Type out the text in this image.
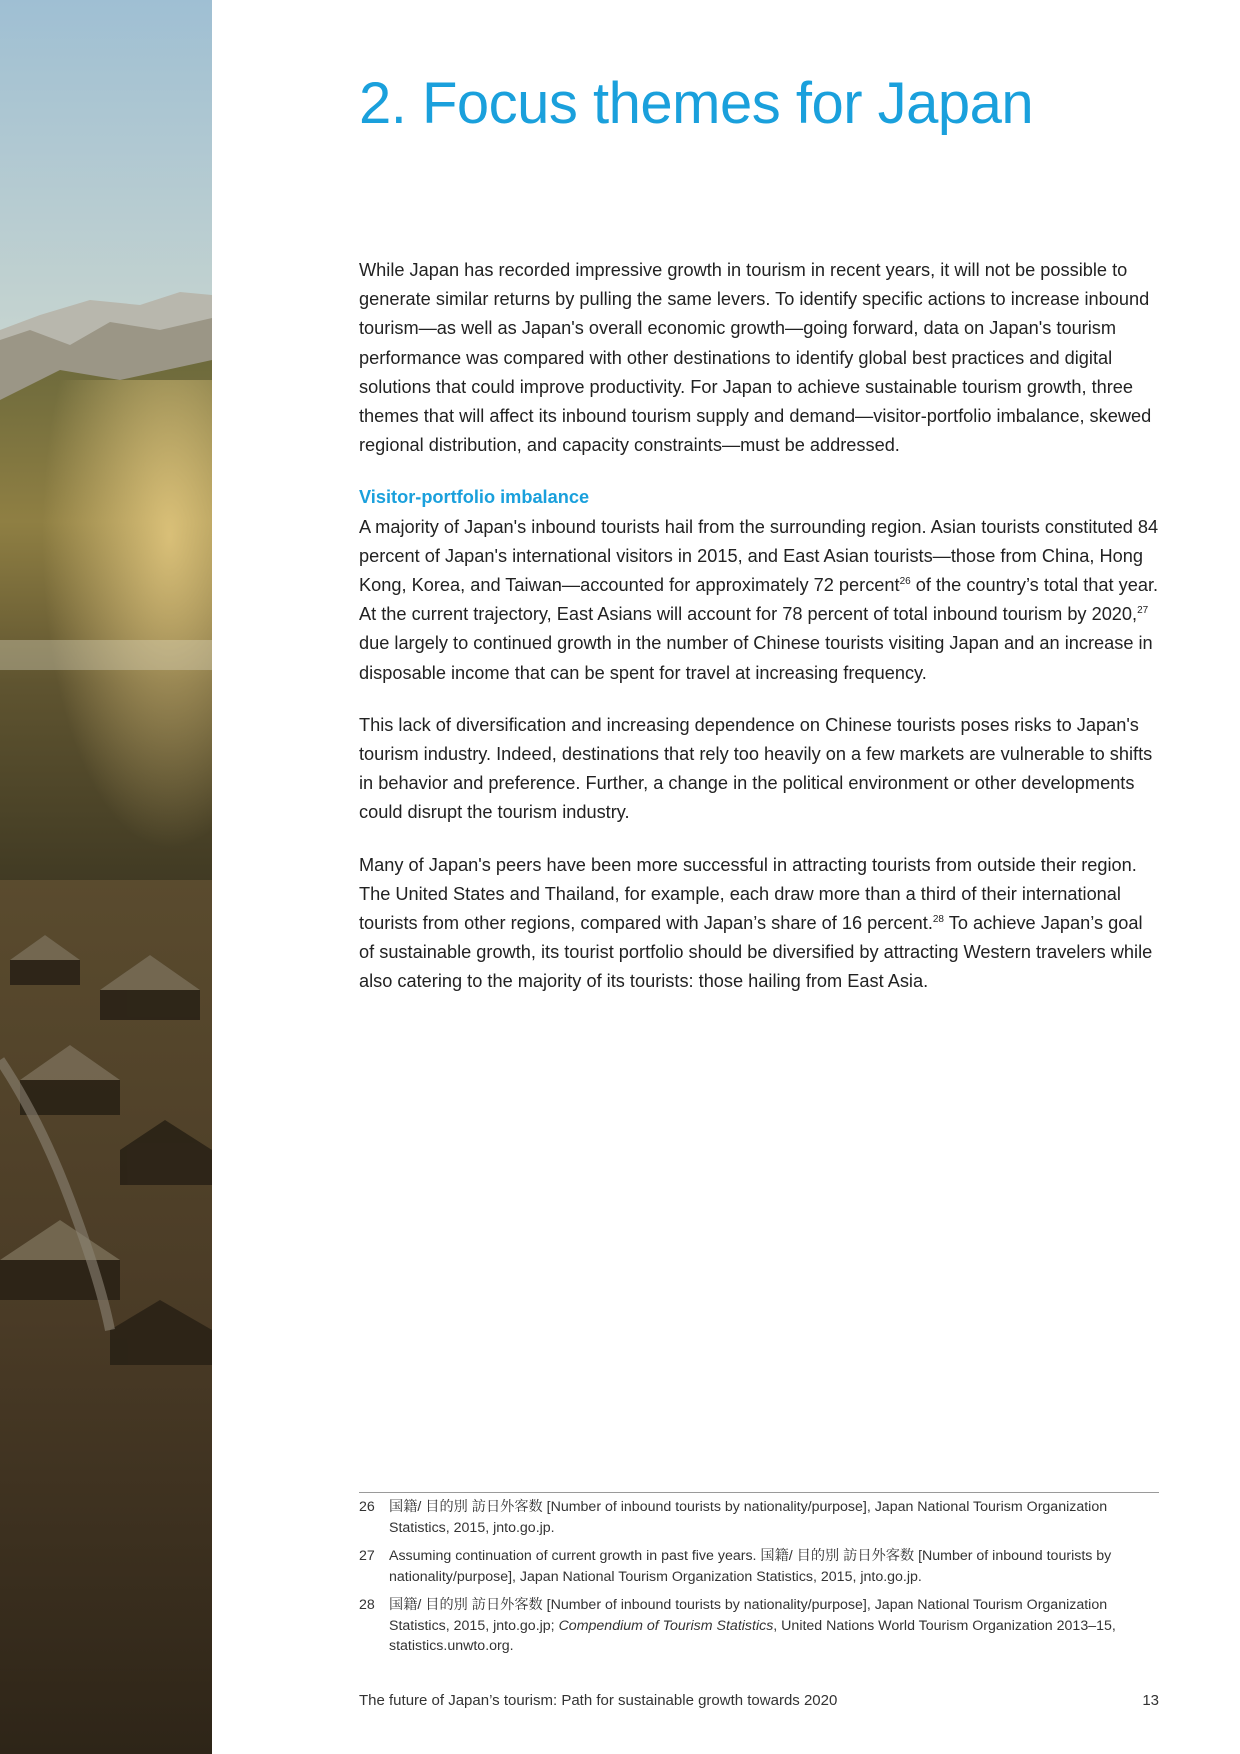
2. Focus themes for Japan

While Japan has recorded impressive growth in tourism in recent years, it will not be possible to generate similar returns by pulling the same levers. To identify specific actions to increase inbound tourism—as well as Japan's overall economic growth—going forward, data on Japan's tourism performance was compared with other destinations to identify global best practices and digital solutions that could improve productivity. For Japan to achieve sustainable tourism growth, three themes that will affect its inbound tourism supply and demand—visitor-portfolio imbalance, skewed regional distribution, and capacity constraints—must be addressed.

Visitor-portfolio imbalance

A majority of Japan's inbound tourists hail from the surrounding region. Asian tourists constituted 84 percent of Japan's international visitors in 2015, and East Asian tourists—those from China, Hong Kong, Korea, and Taiwan—accounted for approximately 72 percent$^{26}$ of the country’s total that year. At the current trajectory, East Asians will account for 78 percent of total inbound tourism by 2020,27 due largely to continued growth in the number of Chinese tourists visiting Japan and an increase in disposable income that can be spent for travel at increasing frequency.

This lack of diversification and increasing dependence on Chinese tourists poses risks to Japan's tourism industry. Indeed, destinations that rely too heavily on a few markets are vulnerable to shifts in behavior and preference. Further, a change in the political environment or other developments could disrupt the tourism industry.

Many of Japan's peers have been more successful in attracting tourists from outside their region. The United States and Thailand, for example, each draw more than a third of their international tourists from other regions, compared with Japan’s share of 16 percent.$^{28}$ To achieve Japan’s goal of sustainable growth, its tourist portfolio should be diversified by attracting Western travelers while also catering to the majority of its tourists: those hailing from East Asia.

26	国籍/ 目的別 訪日外客数 [Number of inbound tourists by nationality/purpose], Japan National Tourism Organization Statistics, 2015, jnto.go.jp.
27	Assuming continuation of current growth in past five years. 国籍/ 目的別 訪日外客数 [Number of inbound tourists by nationality/purpose], Japan National Tourism Organization Statistics, 2015, jnto.go.jp.
28	国籍/ 目的別 訪日外客数 [Number of inbound tourists by nationality/purpose], Japan National Tourism Organization Statistics, 2015, jnto.go.jp; Compendium of Tourism Statistics, United Nations World Tourism Organization 2013–15, statistics.unwto.org.
The future of Japan’s tourism: Path for sustainable growth towards 2020	13
